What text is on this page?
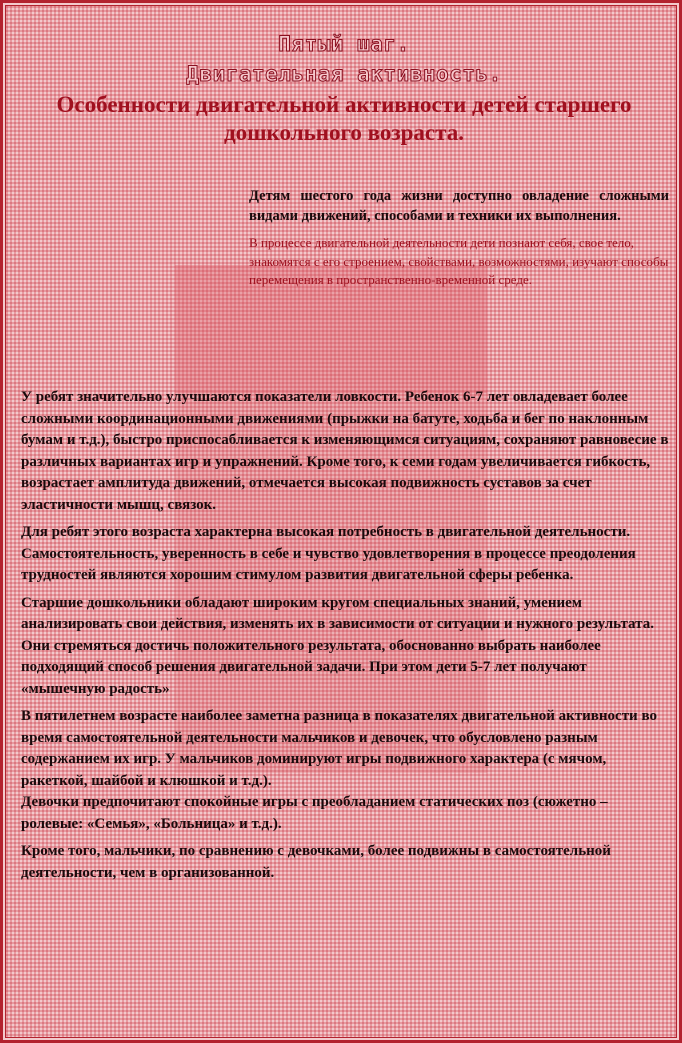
Пятый шаг.

Двигательная активность.

Особенности двигательной активности детей старшего дошкольного возраста.

Детям шестого года жизни доступно овладение сложными видами движений, способами и техники их выполнения.

В процессе двигательной деятельности дети познают себя, свое тело, знакомятся с его строением, свойствами, возможностями, изучают способы перемещения в пространственно-временной среде.

У ребят значительно улучшаются показатели ловкости. Ребенок 6-7 лет овладевает более сложными координационными движениями (прыжки на батуте, ходьба и бег по наклонным бумам и т.д.), быстро приспосабливается к изменяющимся ситуациям, сохраняют равновесие в различных вариантах игр и упражнений. Кроме того, к семи годам увеличивается гибкость, возрастает амплитуда движений, отмечается высокая подвижность суставов за счет эластичности мышц, связок.

Для ребят этого возраста характерна высокая потребность в двигательной деятельности. Самостоятельность, уверенность в себе и чувство удовлетворения в процессе преодоления трудностей являются хорошим стимулом развития двигательной сферы ребенка.

Старшие дошкольники обладают широким кругом специальных знаний, умением анализировать свои действия, изменять их в зависимости от ситуации и нужного результата. Они стремяться достичь положительного результата, обоснованно выбрать наиболее подходящий способ решения двигательной задачи. При этом дети 5-7 лет получают «мышечную радость»

В пятилетнем возрасте наиболее заметна разница в показателях двигательной активности во время самостоятельной деятельности мальчиков и девочек, что обусловлено разным содержанием их игр. У мальчиков доминируют игры подвижного характера (с мячом, ракеткой, шайбой и клюшкой и т.д.).
Девочки предпочитают спокойные игры с преобладанием статических поз (сюжетно – ролевые: «Семья», «Больница» и т.д.).

Кроме того, мальчики, по сравнению с девочками, более подвижны в самостоятельной деятельности, чем в организованной.
